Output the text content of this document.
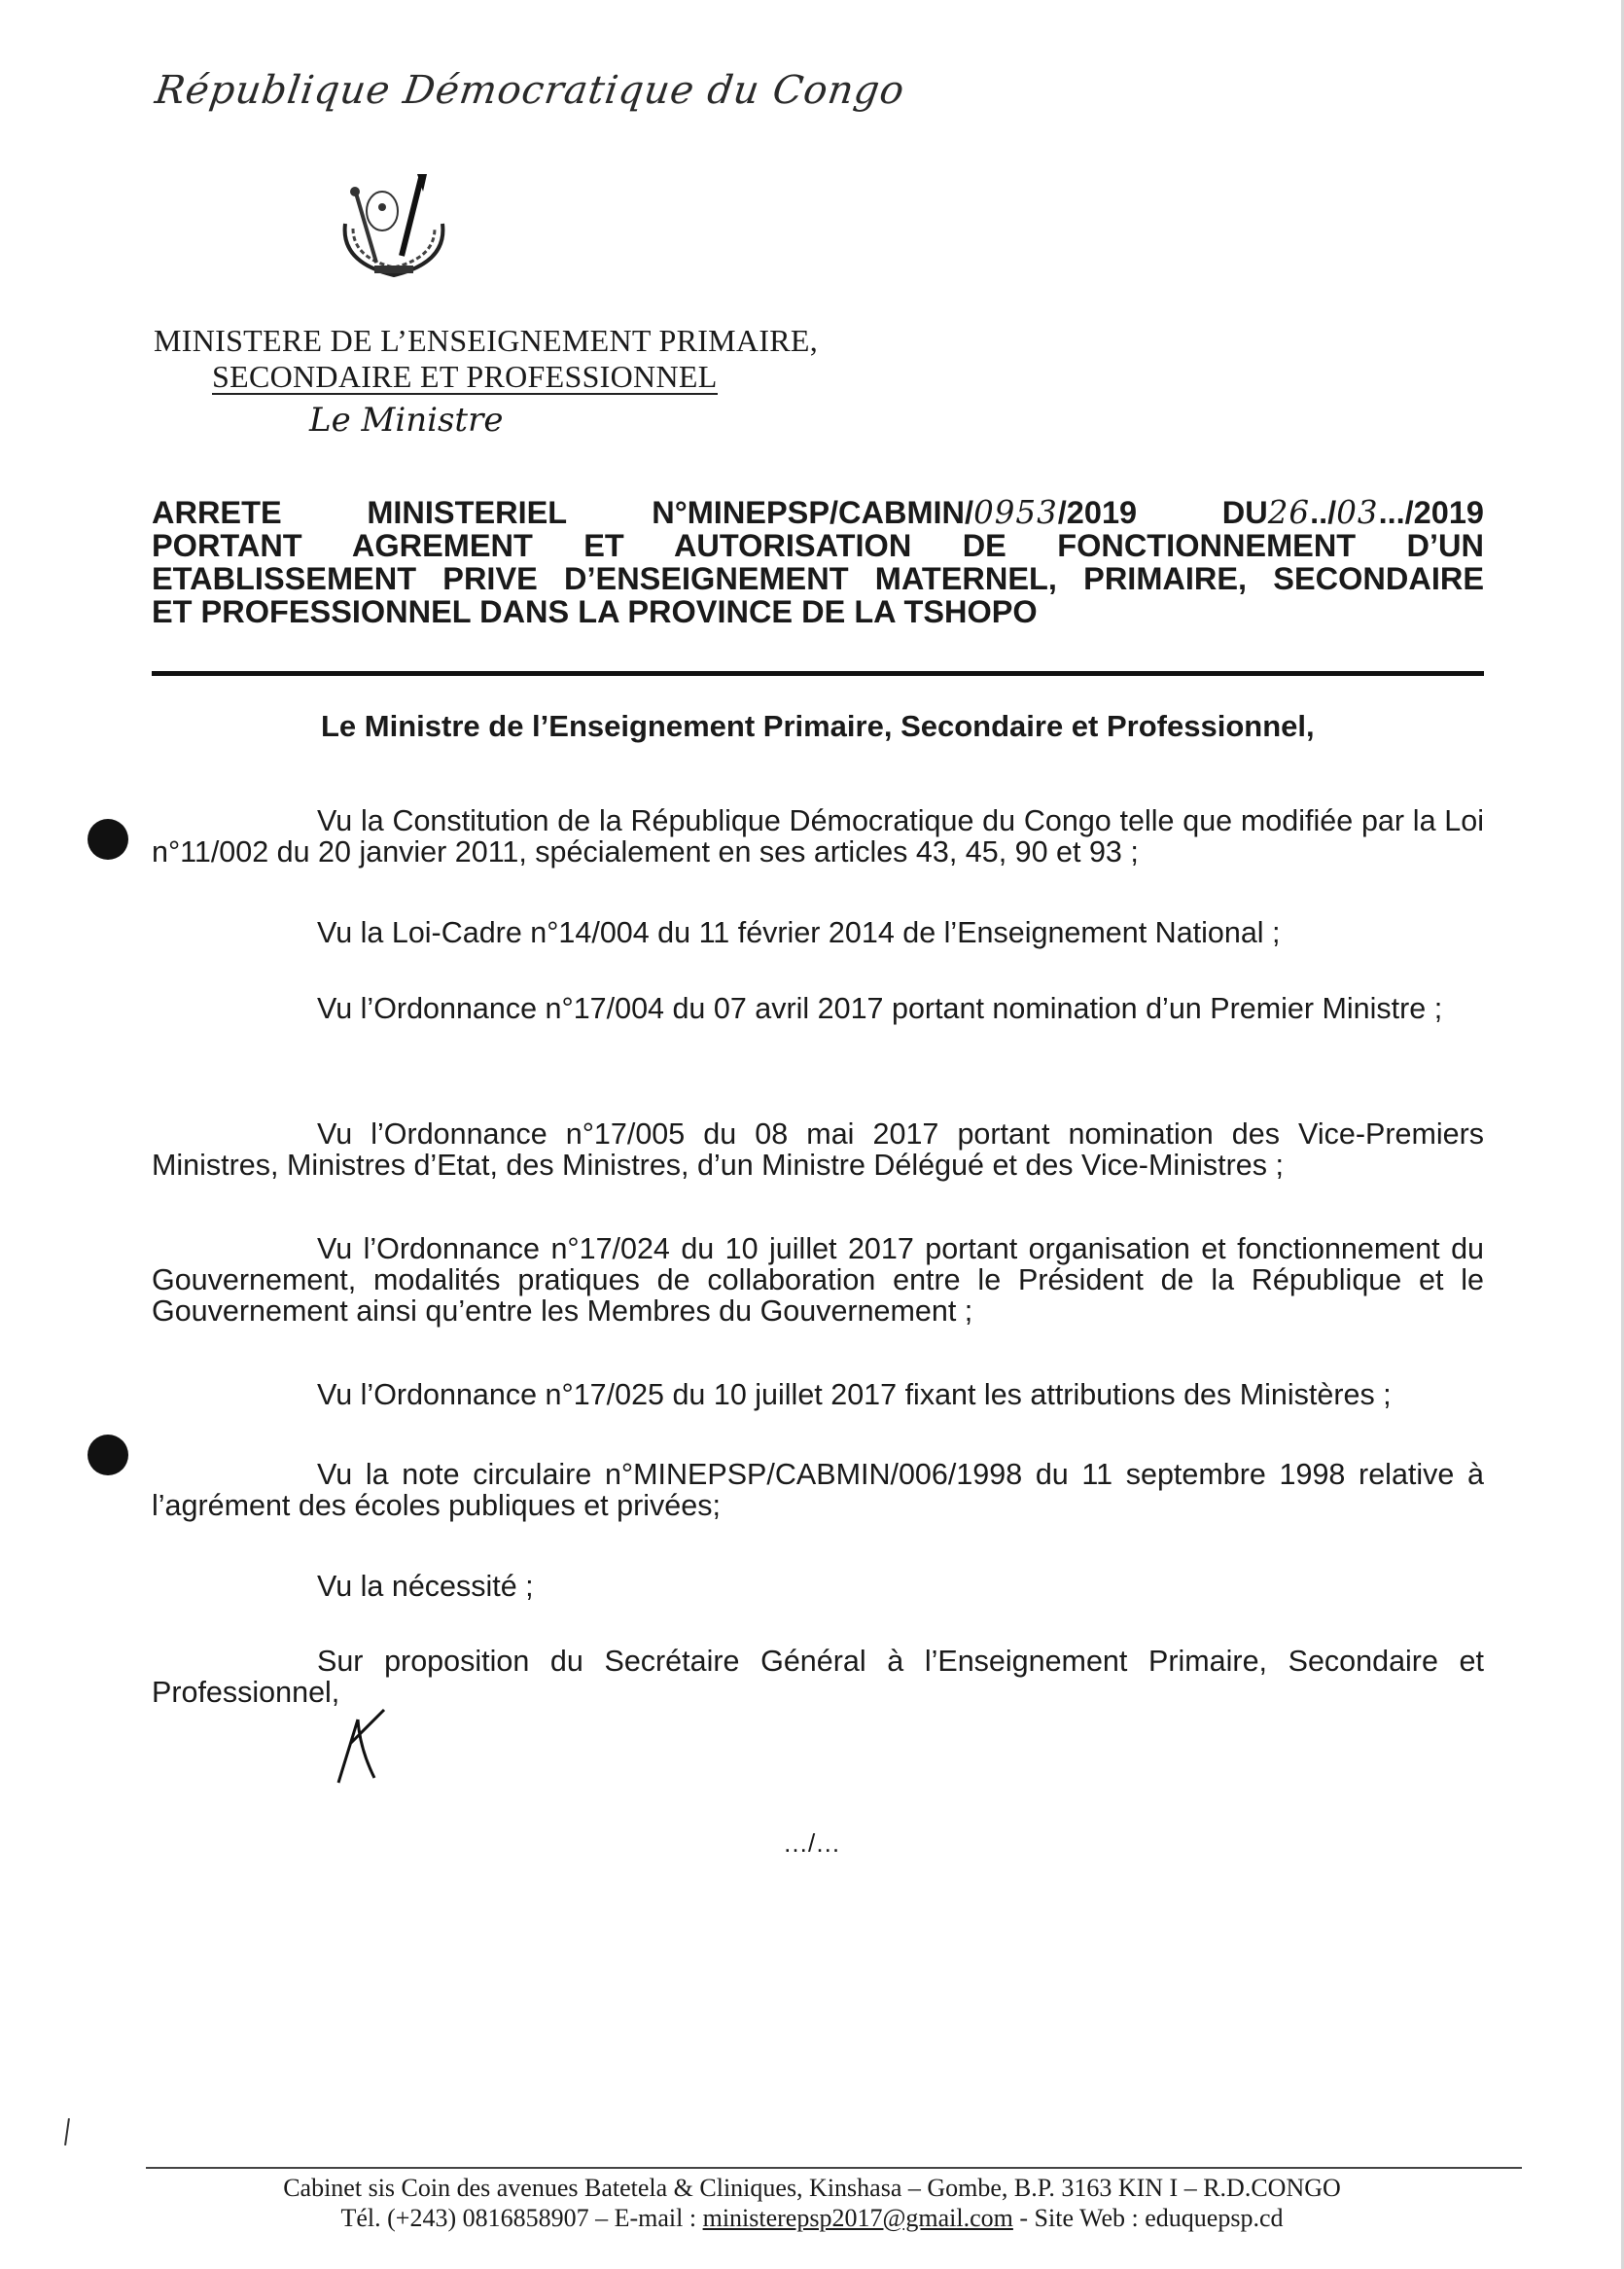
République Démocratique du Congo
MINISTERE DE L’ENSEIGNEMENT PRIMAIRE,
SECONDAIRE ET PROFESSIONNEL
Le Ministre
ARRETE MINISTERIEL N°MINEPSP/CABMIN/0953/2019 DU26../03.../2019
PORTANT AGREMENT ET AUTORISATION DE FONCTIONNEMENT D’UN
ETABLISSEMENT PRIVE D’ENSEIGNEMENT MATERNEL, PRIMAIRE, SECONDAIRE
ET PROFESSIONNEL DANS LA PROVINCE DE LA TSHOPO
Le Ministre de l’Enseignement Primaire, Secondaire et Professionnel,
Vu la Constitution de la République Démocratique du Congo telle que modifiée par la Loi n°11/002 du 20 janvier 2011, spécialement en ses articles 43, 45, 90 et 93 ;
Vu la Loi-Cadre n°14/004 du 11 février 2014 de l’Enseignement National ;
Vu l’Ordonnance n°17/004 du 07 avril 2017 portant nomination d’un Premier Ministre ;
Vu l’Ordonnance n°17/005 du 08 mai 2017 portant nomination des Vice-Premiers Ministres, Ministres d’Etat, des Ministres, d’un Ministre Délégué et des Vice-Ministres ;
Vu l’Ordonnance n°17/024 du 10 juillet 2017 portant organisation et fonctionnement du Gouvernement, modalités pratiques de collaboration entre le Président de la République et le Gouvernement ainsi qu’entre les Membres du Gouvernement ;
Vu l’Ordonnance n°17/025 du 10 juillet 2017 fixant les attributions des Ministères ;
Vu la note circulaire n°MINEPSP/CABMIN/006/1998 du 11 septembre 1998 relative à l’agrément des écoles publiques et privées;
Vu la nécessité ;
Sur proposition du Secrétaire Général à l’Enseignement Primaire, Secondaire et Professionnel,
…/…
Cabinet sis Coin des avenues Batetela & Cliniques, Kinshasa – Gombe, B.P. 3163 KIN I – R.D.CONGO
Tél. (+243) 0816858907 – E-mail : ministerepsp2017@gmail.com - Site Web : eduquepsp.cd
